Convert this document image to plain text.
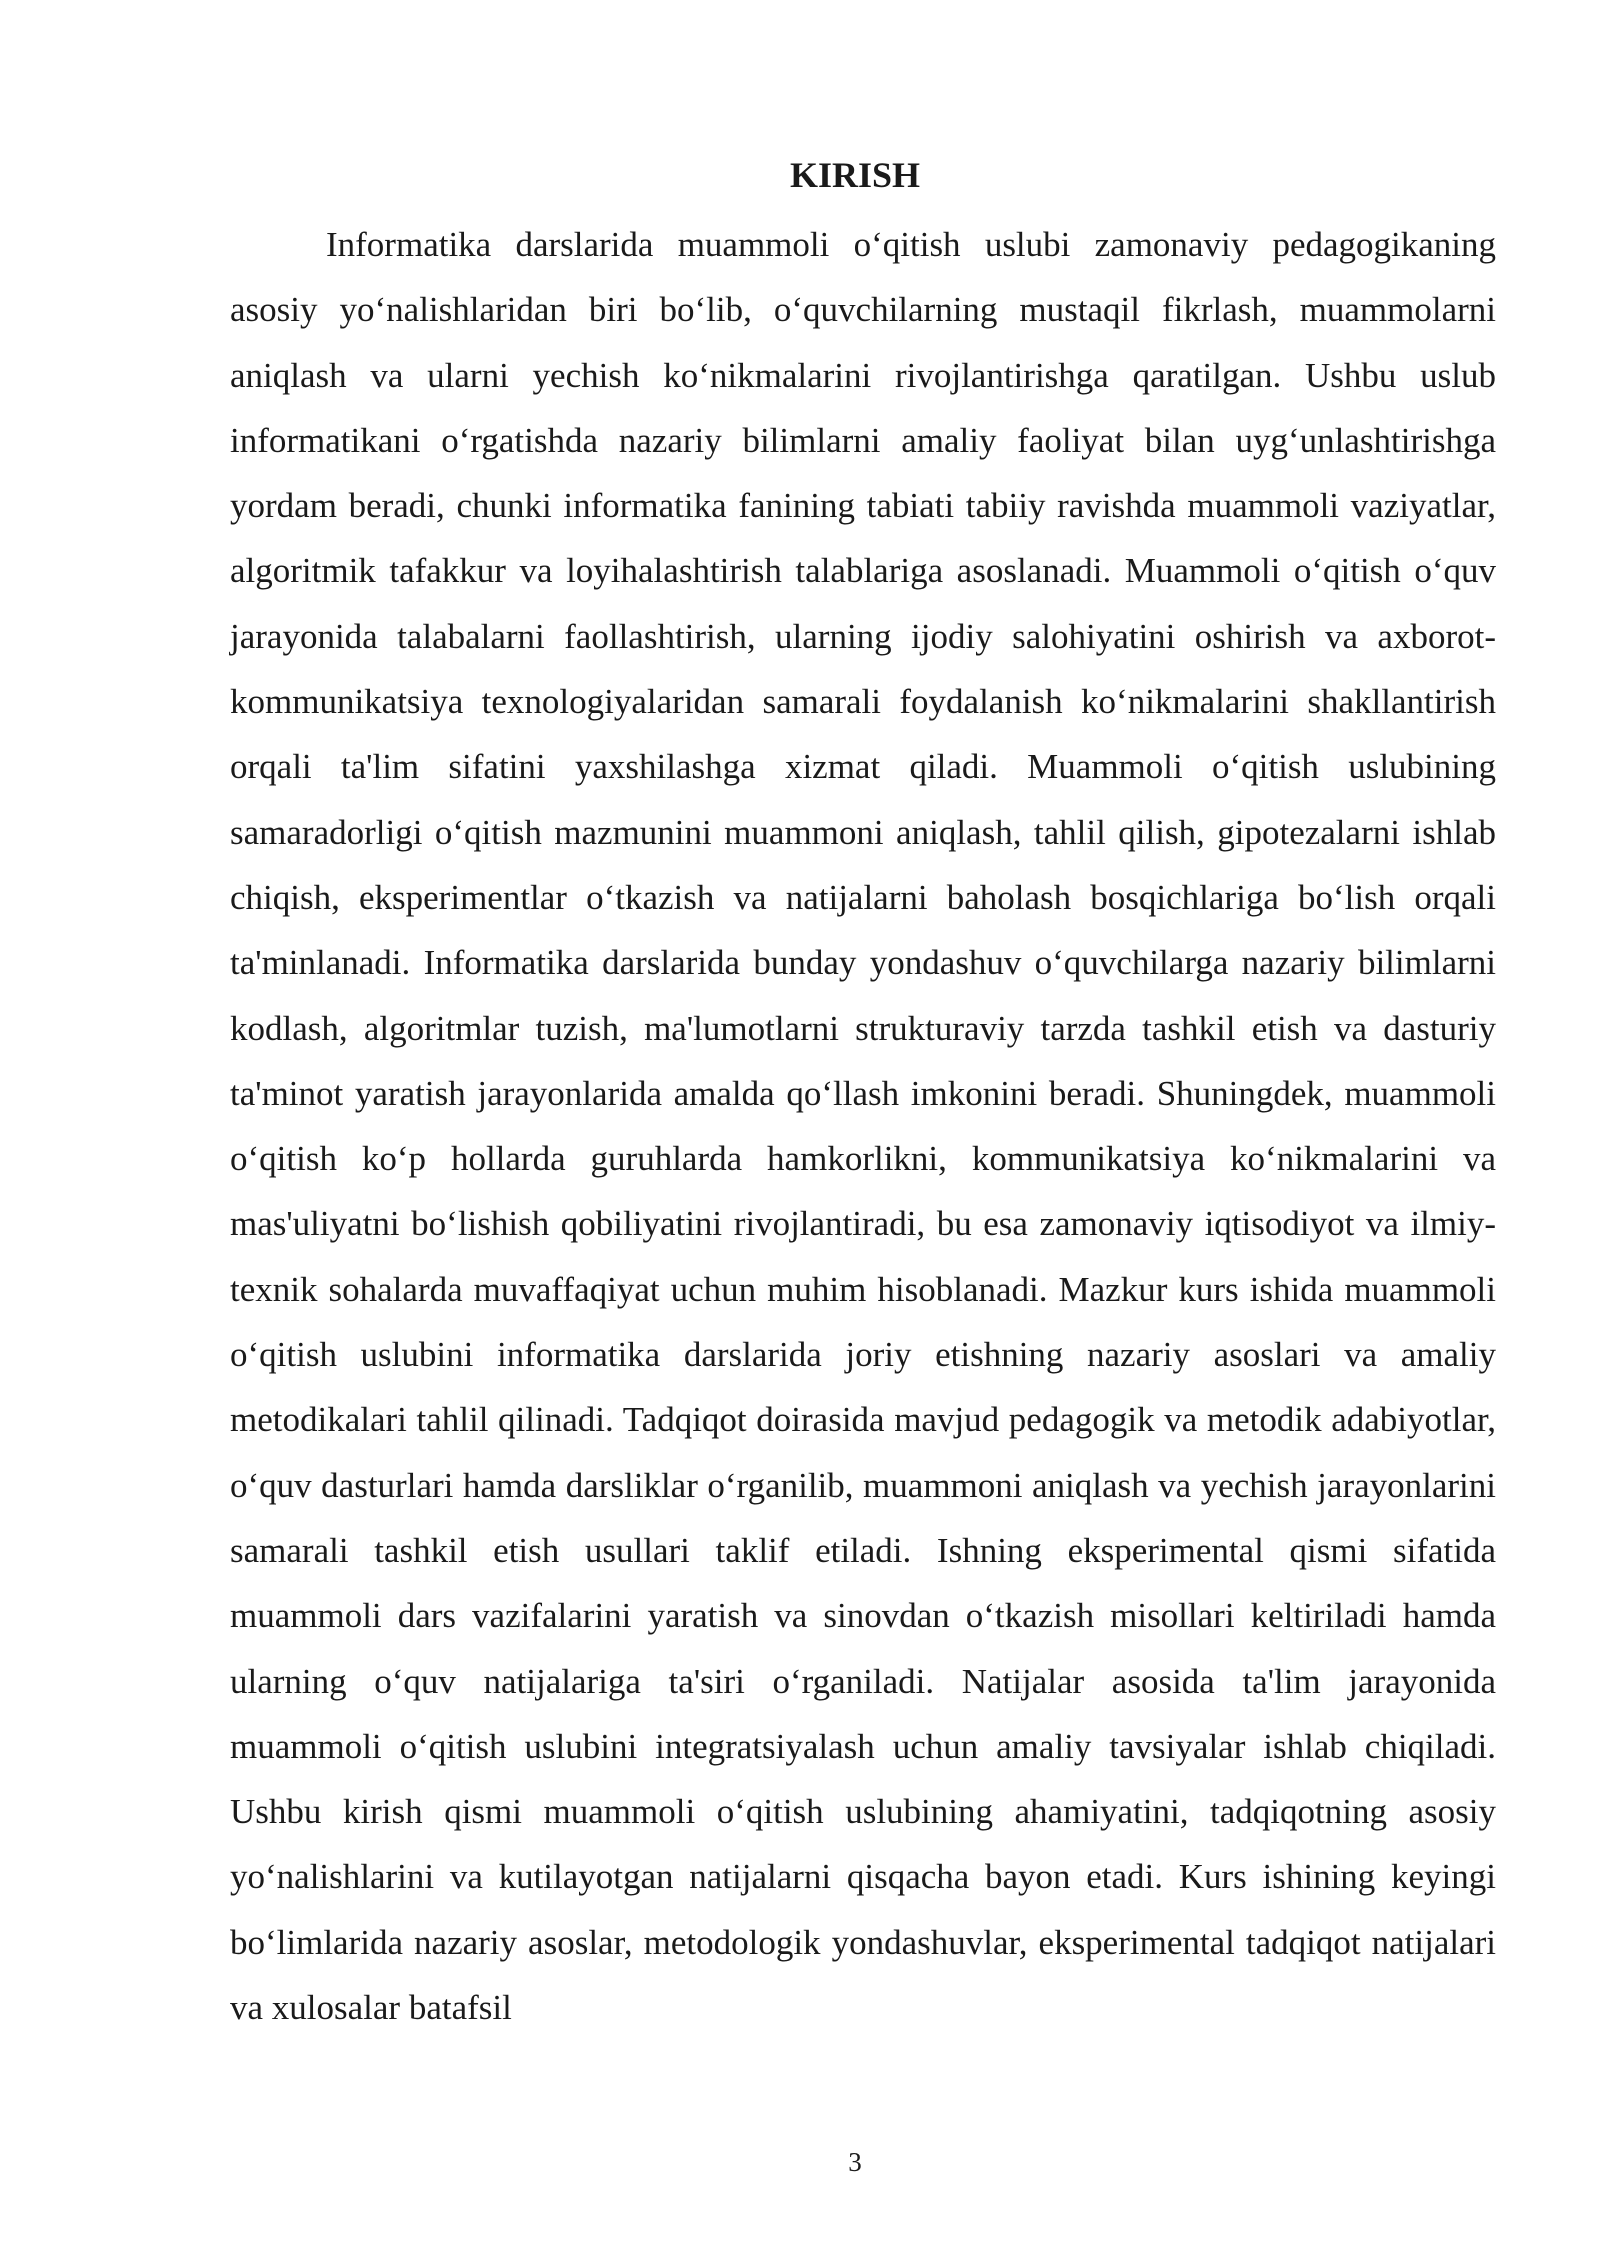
KIRISH

Informatika darslarida muammoli o‘qitish uslubi zamonaviy pedagogikaning asosiy yo‘nalishlaridan biri bo‘lib, o‘quvchilarning mustaqil fikrlash, muammolarni aniqlash va ularni yechish ko‘nikmalarini rivojlantirishga qaratilgan. Ushbu uslub informatikani o‘rgatishda nazariy bilimlarni amaliy faoliyat bilan uyg‘unlashtirishga yordam beradi, chunki informatika fanining tabiati tabiiy ravishda muammoli vaziyatlar, algoritmik tafakkur va loyihalashtirish talablariga asoslanadi. Muammoli o‘qitish o‘quv jarayonida talabalarni faollashtirish, ularning ijodiy salohiyatini oshirish va axborot-kommunikatsiya texnologiyalaridan samarali foydalanish ko‘nikmalarini shakllantirish orqali ta'lim sifatini yaxshilashga xizmat qiladi. Muammoli o‘qitish uslubining samaradorligi o‘qitish mazmunini muammoni aniqlash, tahlil qilish, gipotezalarni ishlab chiqish, eksperimentlar o‘tkazish va natijalarni baholash bosqichlariga bo‘lish orqali ta'minlanadi. Informatika darslarida bunday yondashuv o‘quvchilarga nazariy bilimlarni kodlash, algoritmlar tuzish, ma'lumotlarni strukturaviy tarzda tashkil etish va dasturiy ta'minot yaratish jarayonlarida amalda qo‘llash imkonini beradi. Shuningdek, muammoli o‘qitish ko‘p hollarda guruhlarda hamkorlikni, kommunikatsiya ko‘nikmalarini va mas'uliyatni bo‘lishish qobiliyatini rivojlantiradi, bu esa zamonaviy iqtisodiyot va ilmiy-texnik sohalarda muvaffaqiyat uchun muhim hisoblanadi. Mazkur kurs ishida muammoli o‘qitish uslubini informatika darslarida joriy etishning nazariy asoslari va amaliy metodikalari tahlil qilinadi. Tadqiqot doirasida mavjud pedagogik va metodik adabiyotlar, o‘quv dasturlari hamda darsliklar o‘rganilib, muammoni aniqlash va yechish jarayonlarini samarali tashkil etish usullari taklif etiladi. Ishning eksperimental qismi sifatida muammoli dars vazifalarini yaratish va sinovdan o‘tkazish misollari keltiriladi hamda ularning o‘quv natijalariga ta'siri o‘rganiladi. Natijalar asosida ta'lim jarayonida muammoli o‘qitish uslubini integratsiyalash uchun amaliy tavsiyalar ishlab chiqiladi. Ushbu kirish qismi muammoli o‘qitish uslubining ahamiyatini, tadqiqotning asosiy yo‘nalishlarini va kutilayotgan natijalarni qisqacha bayon etadi. Kurs ishining keyingi bo‘limlarida nazariy asoslar, metodologik yondashuvlar, eksperimental tadqiqot natijalari va xulosalar batafsil

3
